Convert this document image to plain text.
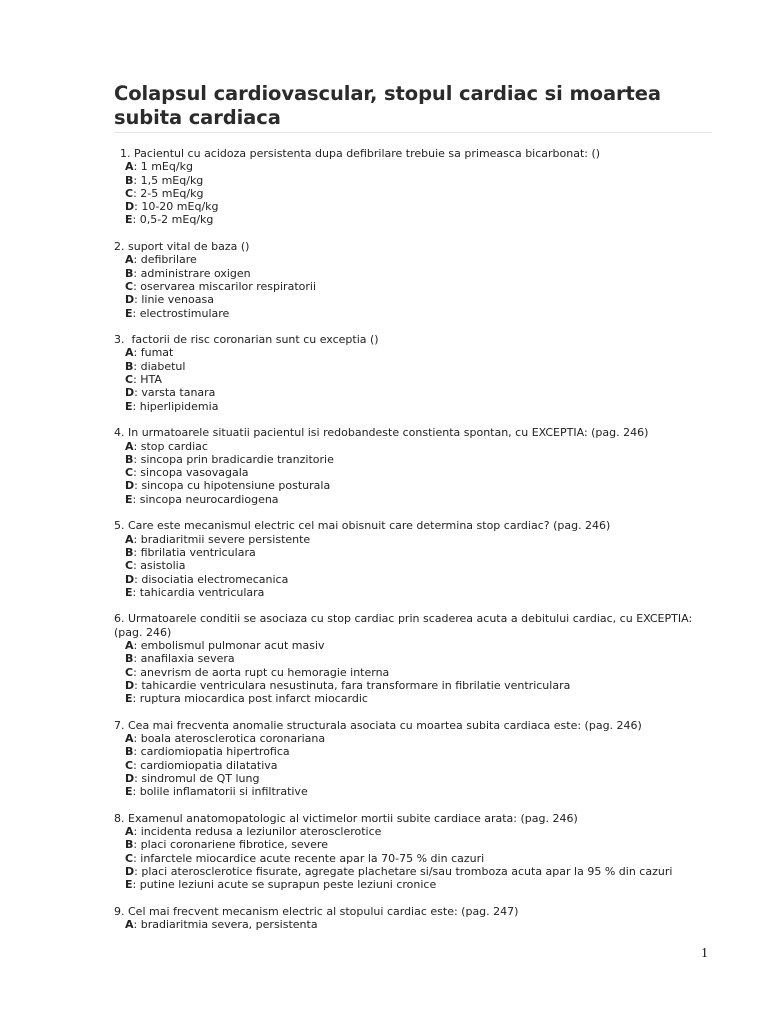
Colapsul cardiovascular, stopul cardiac si moartea subita cardiaca
1. Pacientul cu acidoza persistenta dupa defibrilare trebuie sa primeasca bicarbonat: ()
A: 1 mEq/kg
B: 1,5 mEq/kg
C: 2-5 mEq/kg
D: 10-20 mEq/kg
E: 0,5-2 mEq/kg
2. suport vital de baza ()
A: defibrilare
B: administrare oxigen
C: oservarea miscarilor respiratorii
D: linie venoasa
E: electrostimulare
3.  factorii de risc coronarian sunt cu exceptia ()
A: fumat
B: diabetul
C: HTA
D: varsta tanara
E: hiperlipidemia
4. In urmatoarele situatii pacientul isi redobandeste constienta spontan, cu EXCEPTIA: (pag. 246)
A: stop cardiac
B: sincopa prin bradicardie tranzitorie
C: sincopa vasovagala
D: sincopa cu hipotensiune posturala
E: sincopa neurocardiogena
5. Care este mecanismul electric cel mai obisnuit care determina stop cardiac? (pag. 246)
A: bradiaritmii severe persistente
B: fibrilatia ventriculara
C: asistolia
D: disociatia electromecanica
E: tahicardia ventriculara
6. Urmatoarele conditii se asociaza cu stop cardiac prin scaderea acuta a debitului cardiac, cu EXCEPTIA: (pag. 246)
A: embolismul pulmonar acut masiv
B: anafilaxia severa
C: anevrism de aorta rupt cu hemoragie interna
D: tahicardie ventriculara nesustinuta, fara transformare in fibrilatie ventriculara
E: ruptura miocardica post infarct miocardic
7. Cea mai frecventa anomalie structurala asociata cu moartea subita cardiaca este: (pag. 246)
A: boala aterosclerotica coronariana
B: cardiomiopatia hipertrofica
C: cardiomiopatia dilatativa
D: sindromul de QT lung
E: bolile inflamatorii si infiltrative
8. Examenul anatomopatologic al victimelor mortii subite cardiace arata: (pag. 246)
A: incidenta redusa a leziunilor aterosclerotice
B: placi coronariene fibrotice, severe
C: infarctele miocardice acute recente apar la 70-75 % din cazuri
D: placi aterosclerotice fisurate, agregate plachetare si/sau tromboza acuta apar la 95 % din cazuri
E: putine leziuni acute se suprapun peste leziuni cronice
9. Cel mai frecvent mecanism electric al stopului cardiac este: (pag. 247)
A: bradiaritmia severa, persistenta
1
